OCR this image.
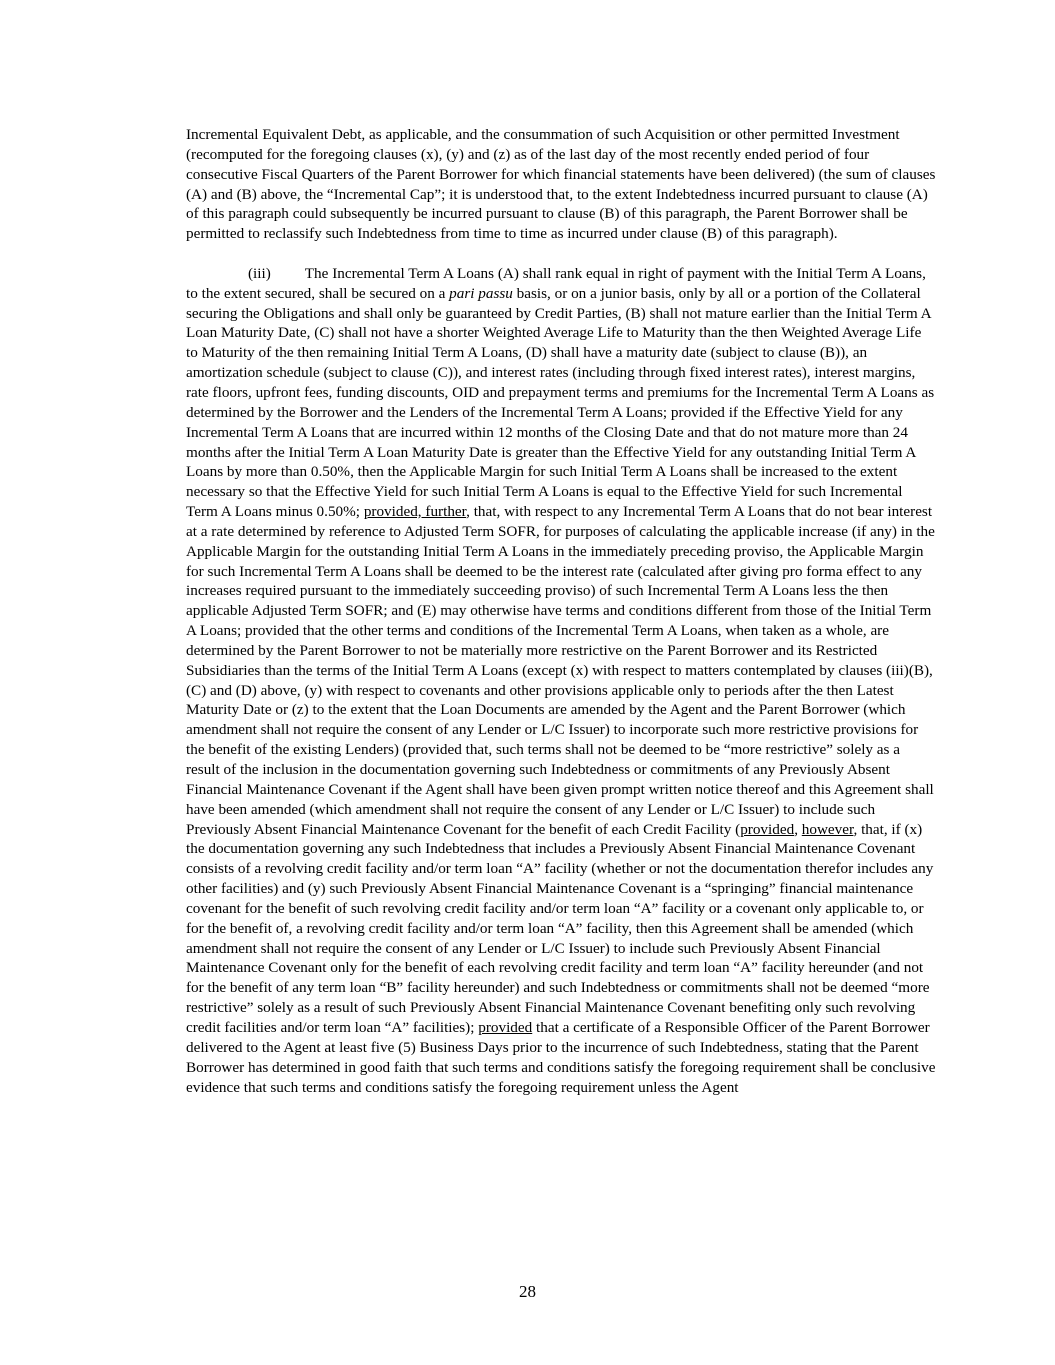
Incremental Equivalent Debt, as applicable, and the consummation of such Acquisition or other permitted Investment (recomputed for the foregoing clauses (x), (y) and (z) as of the last day of the most recently ended period of four consecutive Fiscal Quarters of the Parent Borrower for which financial statements have been delivered) (the sum of clauses (A) and (B) above, the “Incremental Cap”; it is understood that, to the extent Indebtedness incurred pursuant to clause (A) of this paragraph could subsequently be incurred pursuant to clause (B) of this paragraph, the Parent Borrower shall be permitted to reclassify such Indebtedness from time to time as incurred under clause (B) of this paragraph).

(iii) The Incremental Term A Loans (A) shall rank equal in right of payment with the Initial Term A Loans, to the extent secured, shall be secured on a pari passu basis, or on a junior basis, only by all or a portion of the Collateral securing the Obligations and shall only be guaranteed by Credit Parties, (B) shall not mature earlier than the Initial Term A Loan Maturity Date, (C) shall not have a shorter Weighted Average Life to Maturity than the then Weighted Average Life to Maturity of the then remaining Initial Term A Loans, (D) shall have a maturity date (subject to clause (B)), an amortization schedule (subject to clause (C)), and interest rates (including through fixed interest rates), interest margins, rate floors, upfront fees, funding discounts, OID and prepayment terms and premiums for the Incremental Term A Loans as determined by the Borrower and the Lenders of the Incremental Term A Loans; provided if the Effective Yield for any Incremental Term A Loans that are incurred within 12 months of the Closing Date and that do not mature more than 24 months after the Initial Term A Loan Maturity Date is greater than the Effective Yield for any outstanding Initial Term A Loans by more than 0.50%, then the Applicable Margin for such Initial Term A Loans shall be increased to the extent necessary so that the Effective Yield for such Initial Term A Loans is equal to the Effective Yield for such Incremental Term A Loans minus 0.50%; provided, further, that, with respect to any Incremental Term A Loans that do not bear interest at a rate determined by reference to Adjusted Term SOFR, for purposes of calculating the applicable increase (if any) in the Applicable Margin for the outstanding Initial Term A Loans in the immediately preceding proviso, the Applicable Margin for such Incremental Term A Loans shall be deemed to be the interest rate (calculated after giving pro forma effect to any increases required pursuant to the immediately succeeding proviso) of such Incremental Term A Loans less the then applicable Adjusted Term SOFR; and (E) may otherwise have terms and conditions different from those of the Initial Term A Loans; provided that the other terms and conditions of the Incremental Term A Loans, when taken as a whole, are determined by the Parent Borrower to not be materially more restrictive on the Parent Borrower and its Restricted Subsidiaries than the terms of the Initial Term A Loans (except (x) with respect to matters contemplated by clauses (iii)(B), (C) and (D) above, (y) with respect to covenants and other provisions applicable only to periods after the then Latest Maturity Date or (z) to the extent that the Loan Documents are amended by the Agent and the Parent Borrower (which amendment shall not require the consent of any Lender or L/C Issuer) to incorporate such more restrictive provisions for the benefit of the existing Lenders) (provided that, such terms shall not be deemed to be “more restrictive” solely as a result of the inclusion in the documentation governing such Indebtedness or commitments of any Previously Absent Financial Maintenance Covenant if the Agent shall have been given prompt written notice thereof and this Agreement shall have been amended (which amendment shall not require the consent of any Lender or L/C Issuer) to include such Previously Absent Financial Maintenance Covenant for the benefit of each Credit Facility (provided, however, that, if (x) the documentation governing any such Indebtedness that includes a Previously Absent Financial Maintenance Covenant consists of a revolving credit facility and/or term loan “A” facility (whether or not the documentation therefor includes any other facilities) and (y) such Previously Absent Financial Maintenance Covenant is a “springing” financial maintenance covenant for the benefit of such revolving credit facility and/or term loan “A” facility or a covenant only applicable to, or for the benefit of, a revolving credit facility and/or term loan “A” facility, then this Agreement shall be amended (which amendment shall not require the consent of any Lender or L/C Issuer) to include such Previously Absent Financial Maintenance Covenant only for the benefit of each revolving credit facility and term loan “A” facility hereunder (and not for the benefit of any term loan “B” facility hereunder) and such Indebtedness or commitments shall not be deemed “more restrictive” solely as a result of such Previously Absent Financial Maintenance Covenant benefiting only such revolving credit facilities and/or term loan “A” facilities); provided that a certificate of a Responsible Officer of the Parent Borrower delivered to the Agent at least five (5) Business Days prior to the incurrence of such Indebtedness, stating that the Parent Borrower has determined in good faith that such terms and conditions satisfy the foregoing requirement shall be conclusive evidence that such terms and conditions satisfy the foregoing requirement unless the Agent

28
